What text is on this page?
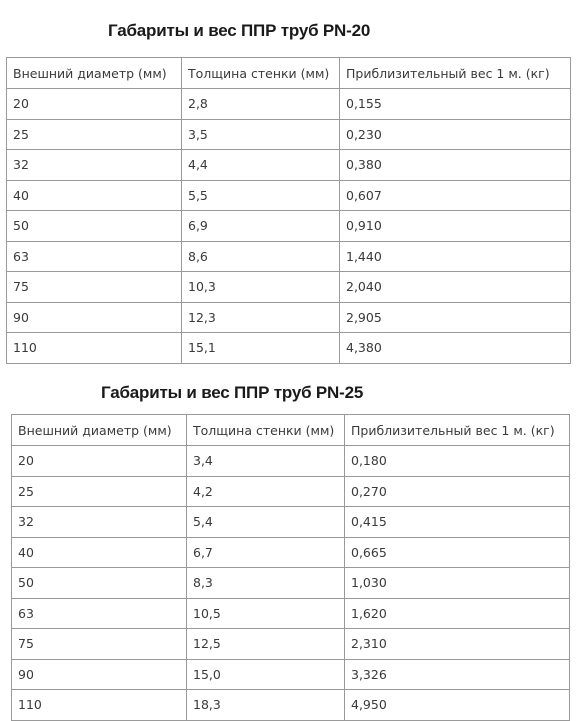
Габариты и вес ППР труб PN-20
Внешний диаметр (мм)	Толщина стенки (мм)	Приблизительный вес 1 м. (кг)
20	2,8	0,155
25	3,5	0,230
32	4,4	0,380
40	5,5	0,607
50	6,9	0,910
63	8,6	1,440
75	10,3	2,040
90	12,3	2,905
110	15,1	4,380
Габариты и вес ППР труб PN-25
Внешний диаметр (мм)	Толщина стенки (мм)	Приблизительный вес 1 м. (кг)
20	3,4	0,180
25	4,2	0,270
32	5,4	0,415
40	6,7	0,665
50	8,3	1,030
63	10,5	1,620
75	12,5	2,310
90	15,0	3,326
110	18,3	4,950
